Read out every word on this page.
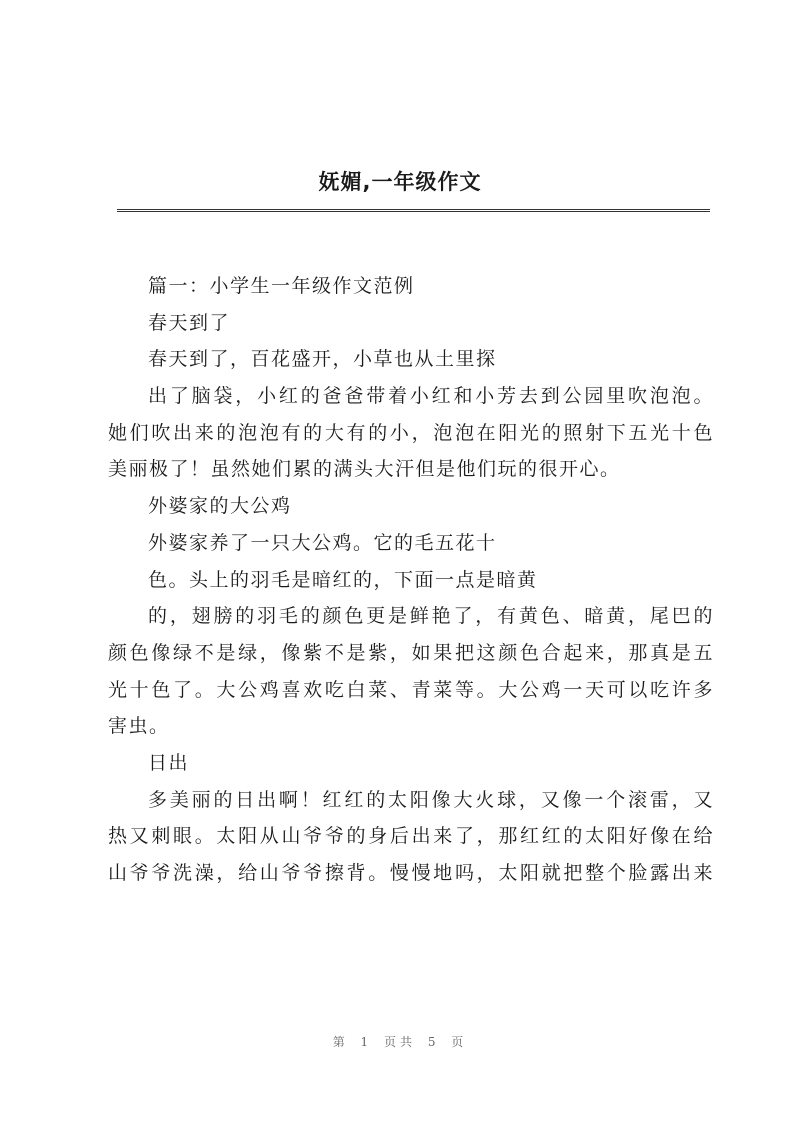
妩媚,一年级作文
篇一：小学生一年级作文范例
春天到了
春天到了，百花盛开，小草也从土里探
出了脑袋，小红的爸爸带着小红和小芳去到公园里吹泡泡。
她们吹出来的泡泡有的大有的小，泡泡在阳光的照射下五光十色
美丽极了！虽然她们累的满头大汗但是他们玩的很开心。
外婆家的大公鸡
外婆家养了一只大公鸡。它的毛五花十
色。头上的羽毛是暗红的，下面一点是暗黄
的，翅膀的羽毛的颜色更是鲜艳了，有黄色、暗黄，尾巴的
颜色像绿不是绿，像紫不是紫，如果把这颜色合起来，那真是五
光十色了。大公鸡喜欢吃白菜、青菜等。大公鸡一天可以吃许多
害虫。
日出
多美丽的日出啊！红红的太阳像大火球，又像一个滚雷，又
热又刺眼。太阳从山爷爷的身后出来了，那红红的太阳好像在给
山爷爷洗澡，给山爷爷擦背。慢慢地吗，太阳就把整个脸露出来
第 1 页共 5 页
